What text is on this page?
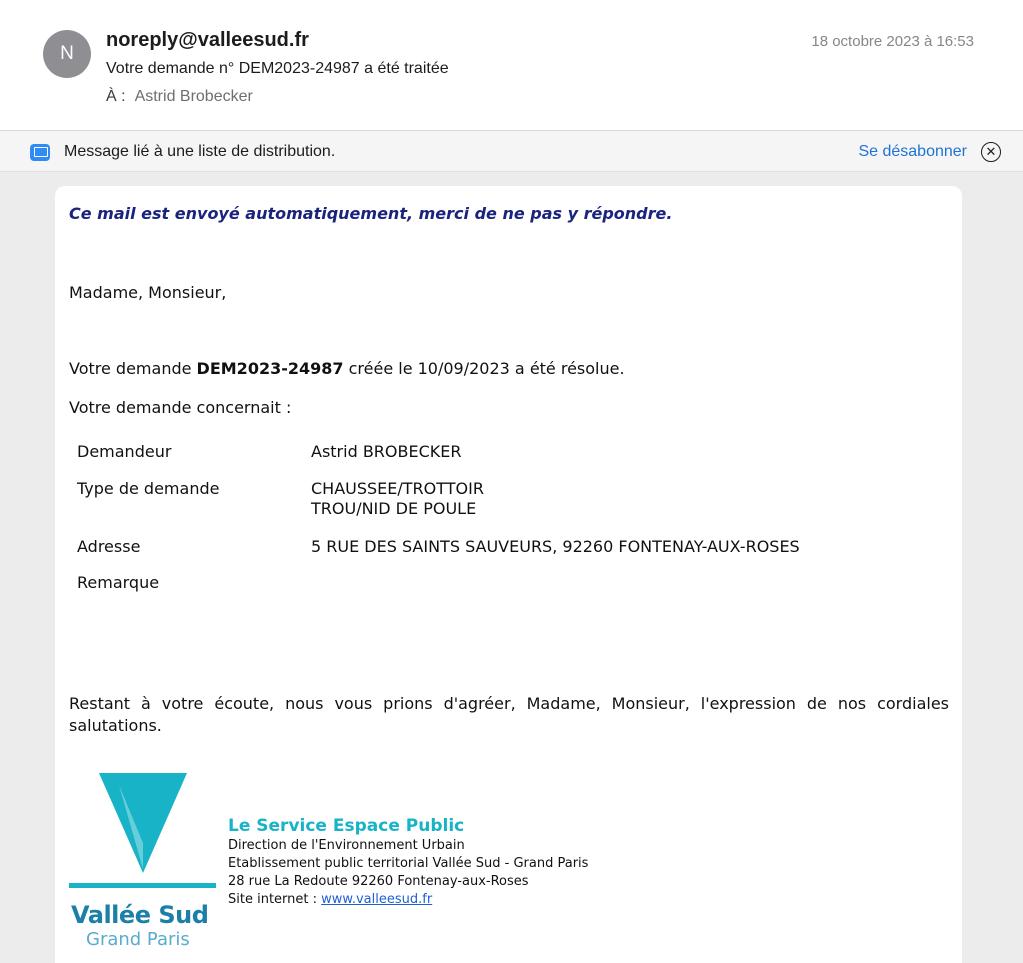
N
noreply@valleesud.fr
Votre demande n° DEM2023-24987 a été traitée
À : Astrid Brobecker
18 octobre 2023 à 16:53
Message lié à une liste de distribution.	Se désabonner	✕
Ce mail est envoyé automatiquement, merci de ne pas y répondre.
Madame, Monsieur,
Votre demande DEM2023-24987 créée le 10/09/2023 a été résolue.
Votre demande concernait :
Demandeur	Astrid BROBECKER
Type de demande	CHAUSSEE/TROTTOIR
TROU/NID DE POULE
Adresse	5 RUE DES SAINTS SAUVEURS, 92260 FONTENAY-AUX-ROSES
Remarque
Restant à votre écoute, nous vous prions d'agréer, Madame, Monsieur, l'expression de nos cordiales salutations.
Vallée Sud
Grand Paris
Le Service Espace Public
Direction de l'Environnement Urbain
Etablissement public territorial Vallée Sud - Grand Paris
28 rue La Redoute 92260 Fontenay-aux-Roses
Site internet : www.valleesud.fr
